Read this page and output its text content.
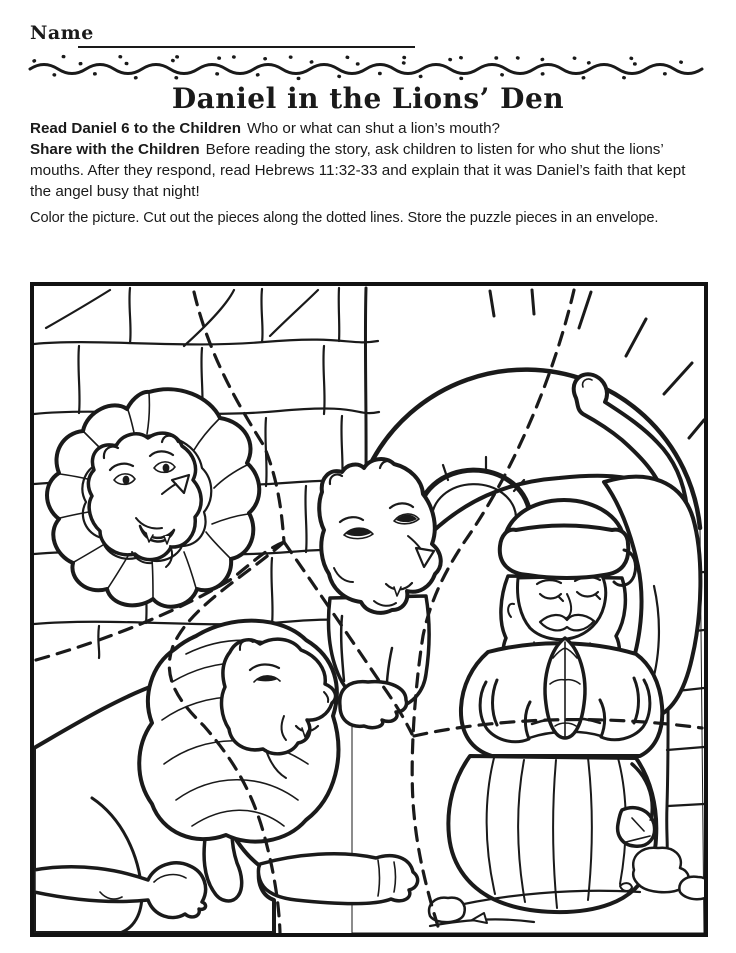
Name
Daniel in the Lions’ Den
Read Daniel 6 to the Children Who or what can shut a lion’s mouth?
Share with the Children Before reading the story, ask children to listen for who shut the lions’ mouths. After they respond, read Hebrews 11:32-33 and explain that it was Daniel’s faith that kept the angel busy that night!
Color the picture. Cut out the pieces along the dotted lines. Store the puzzle pieces in an envelope.
